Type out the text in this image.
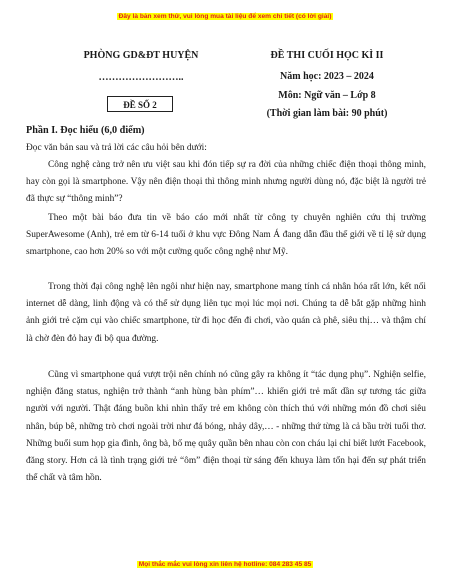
Đây là bản xem thử, vui lòng mua tài liệu để xem chi tiết (có lời giải)
PHÒNG GD&ĐT HUYỆN
……………………..
ĐỀ SỐ 2
ĐỀ THI CUỐI HỌC KÌ II
Năm học: 2023 – 2024
Môn: Ngữ văn – Lớp 8
(Thời gian làm bài: 90 phút)
Phần I. Đọc hiểu (6,0 điểm)

Đọc văn bản sau và trả lời các câu hỏi bên dưới:

Công nghệ càng trở nên ưu việt sau khi đón tiếp sự ra đời của những chiếc điện thoại thông minh, hay còn gọi là smartphone. Vậy nên điện thoại thì thông minh nhưng người dùng nó, đặc biệt là người trẻ đã thực sự “thông minh”?

Theo một bài báo đưa tin về báo cáo mới nhất từ công ty chuyên nghiên cứu thị trường SuperAwesome (Anh), trẻ em từ 6-14 tuổi ở khu vực Đông Nam Á đang dẫn đầu thế giới về tỉ lệ sử dụng smartphone, cao hơn 20% so với một cường quốc công nghệ như Mỹ.

Trong thời đại công nghệ lên ngôi như hiện nay, smartphone mang tính cá nhân hóa rất lớn, kết nối internet dễ dàng, linh động và có thể sử dụng liên tục mọi lúc mọi nơi. Chúng ta dễ bắt gặp những hình ảnh giới trẻ cặm cụi vào chiếc smartphone, từ đi học đến đi chơi, vào quán cà phê, siêu thị… và thậm chí là chờ đèn đỏ hay đi bộ qua đường.

Cũng vì smartphone quá vượt trội nên chính nó cũng gây ra không ít “tác dụng phụ”. Nghiện selfie, nghiện đăng status, nghiện trở thành “anh hùng bàn phím”… khiến giới trẻ mất dần sự tương tác giữa người với người. Thật đáng buồn khi nhìn thấy trẻ em không còn thích thú với những món đồ chơi siêu nhân, búp bê, những trò chơi ngoài trời như đá bóng, nhảy dây,… - những thứ từng là cả bầu trời tuổi thơ. Những buổi sum họp gia đình, ông bà, bố mẹ quây quần bên nhau còn con cháu lại chỉ biết lướt Facebook, đăng story. Hơn cả là tình trạng giới trẻ “ôm” điện thoại từ sáng đến khuya làm tổn hại đến sự phát triển thể chất và tâm hồn.

Mọi thắc mắc vui lòng xin liên hệ hotline: 084 283 45 85
